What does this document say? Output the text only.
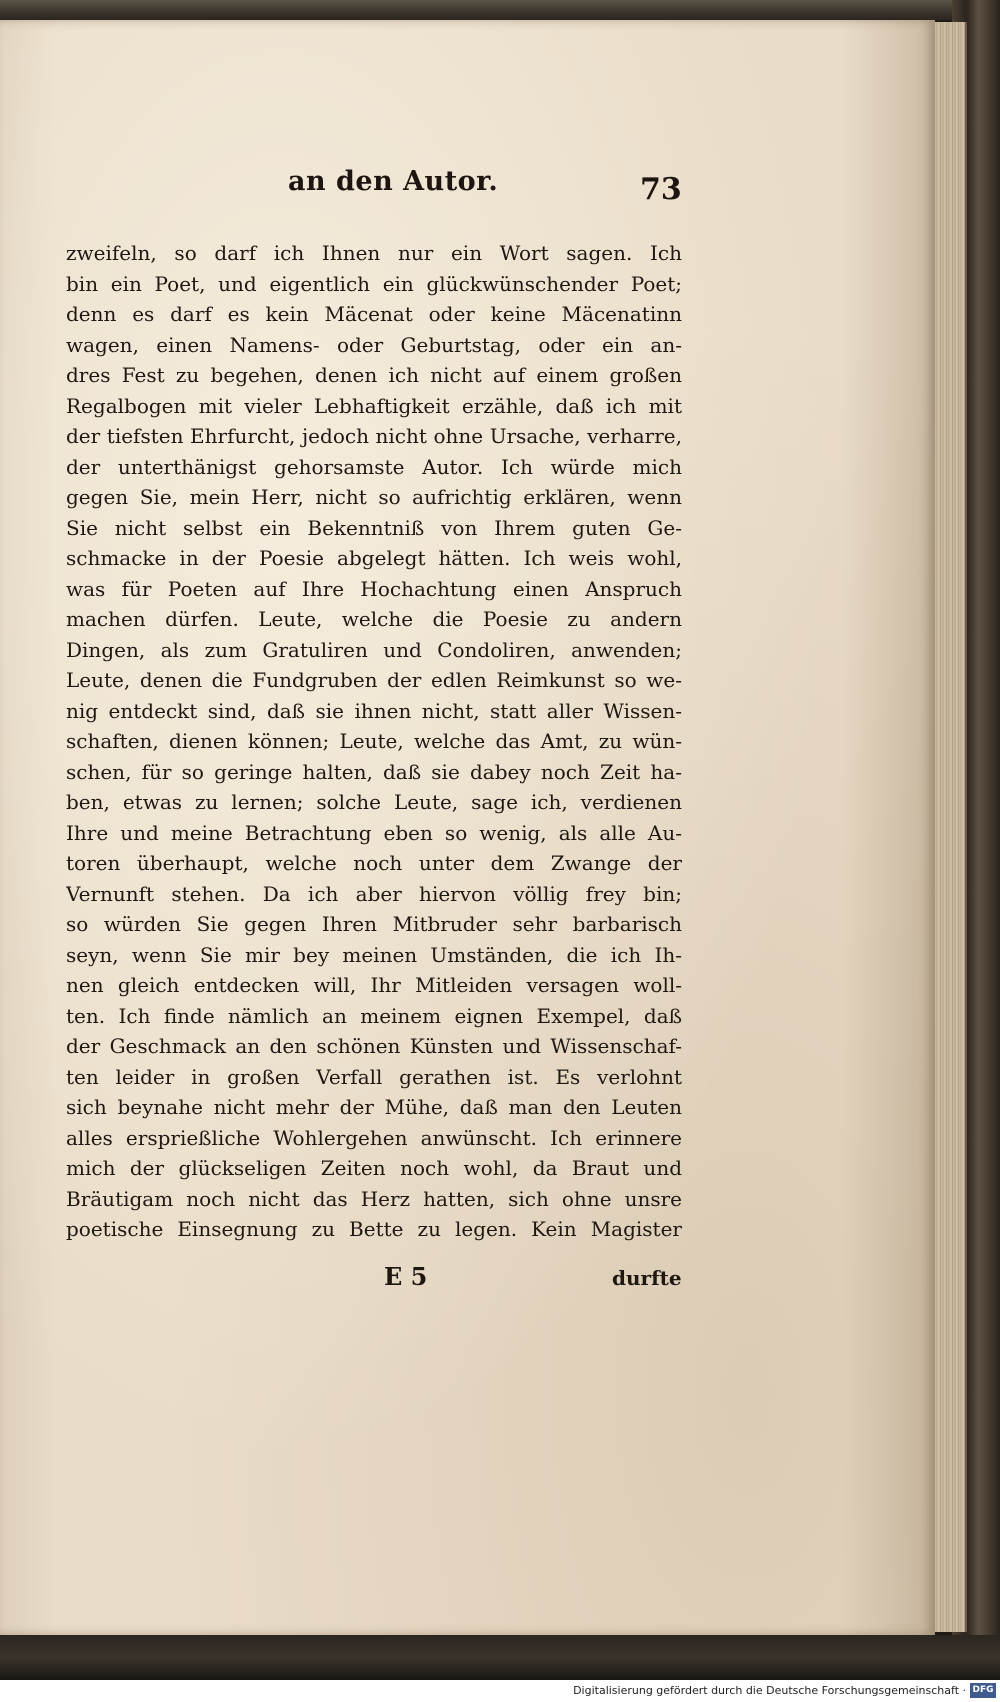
an den Autor.	73
zweifeln, so darf ich Ihnen nur ein Wort sagen. Ich
bin ein Poet, und eigentlich ein glückwünschender Poet;
denn es darf es kein Mäcenat oder keine Mäcenatinn
wagen, einen Namens- oder Geburtstag, oder ein an-
dres Fest zu begehen, denen ich nicht auf einem großen
Regalbogen mit vieler Lebhaftigkeit erzähle, daß ich mit
der tiefsten Ehrfurcht, jedoch nicht ohne Ursache, verharre,
der unterthänigst gehorsamste Autor. Ich würde mich
gegen Sie, mein Herr, nicht so aufrichtig erklären, wenn
Sie nicht selbst ein Bekenntniß von Ihrem guten Ge-
schmacke in der Poesie abgelegt hätten. Ich weis wohl,
was für Poeten auf Ihre Hochachtung einen Anspruch
machen dürfen. Leute, welche die Poesie zu andern
Dingen, als zum Gratuliren und Condoliren, anwenden;
Leute, denen die Fundgruben der edlen Reimkunst so we-
nig entdeckt sind, daß sie ihnen nicht, statt aller Wissen-
schaften, dienen können; Leute, welche das Amt, zu wün-
schen, für so geringe halten, daß sie dabey noch Zeit ha-
ben, etwas zu lernen; solche Leute, sage ich, verdienen
Ihre und meine Betrachtung eben so wenig, als alle Au-
toren überhaupt, welche noch unter dem Zwange der
Vernunft stehen. Da ich aber hiervon völlig frey bin;
so würden Sie gegen Ihren Mitbruder sehr barbarisch
seyn, wenn Sie mir bey meinen Umständen, die ich Ih-
nen gleich entdecken will, Ihr Mitleiden versagen woll-
ten. Ich finde nämlich an meinem eignen Exempel, daß
der Geschmack an den schönen Künsten und Wissenschaf-
ten leider in großen Verfall gerathen ist. Es verlohnt
sich beynahe nicht mehr der Mühe, daß man den Leuten
alles ersprießliche Wohlergehen anwünscht. Ich erinnere
mich der glückseligen Zeiten noch wohl, da Braut und
Bräutigam noch nicht das Herz hatten, sich ohne unsre
poetische Einsegnung zu Bette zu legen. Kein Magister
E 5	durfte
Digitalisierung gefördert durch die Deutsche Forschungsgemeinschaft · DFG
